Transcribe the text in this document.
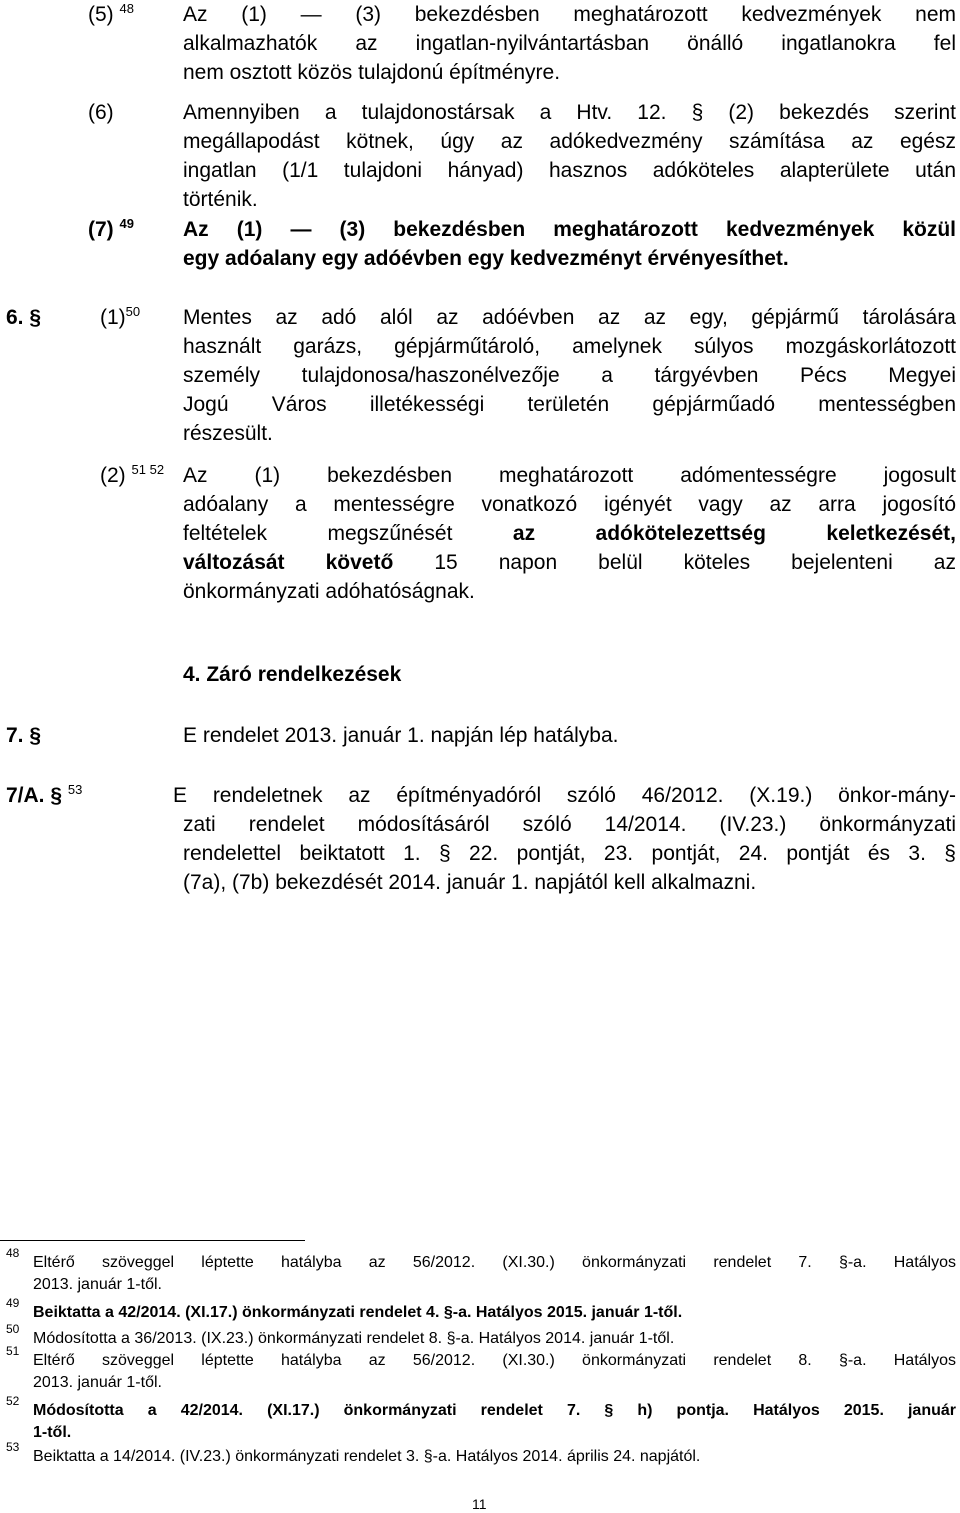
(5) $^{48}$ Az (1) — (3) bekezdésben meghatározott kedvezmények nem
alkalmazhatók az ingatlan-nyilvántartásban önálló ingatlanokra fel
nem osztott közös tulajdonú építményre.
(6)	Amennyiben a tulajdonostársak a Htv. 12. § (2) bekezdés szerint
megállapodást kötnek, úgy az adókedvezmény számítása az egész
ingatlan (1/1 tulajdoni hányad) hasznos adóköteles alapterülete után
történik.
(7) $^{49}$ Az (1) — (3) bekezdésben meghatározott kedvezmények közül
egy adóalany egy adóévben egy kedvezményt érvényesíthet.
6. §	$(1)^{50}$ Mentes az adó alól az adóévben az az egy, gépjármű tárolására
használt garázs, gépjárműtároló, amelynek súlyos mozgáskorlátozott
személy tulajdonosa/haszonélvezője a tárgyévben Pécs Megyei
Jogú Város illetékességi területén gépjárműadó mentességben
részesült.
(2) $^{51 52}$ Az (1) bekezdésben meghatározott adómentességre jogosult
adóalany a mentességre vonatkozó igényét vagy az arra jogosító
feltételek megszűnését	az adókötelezettség keletkezését,
változását követő 15 napon belül köteles bejelenteni az
önkormányzati adóhatóságnak.
4. Záró rendelkezések
7. §	E rendelet 2013. január 1. napján lép hatályba.
7/A. § $^{53}$	E rendeletnek az építményadóról szóló 46/2012. (X.19.) önkor-mány-
zati rendelet módosításáról szóló 14/2014. (IV.23.) önkormányzati
rendelettel beiktatott 1. § 22. pontját, 23. pontját, 24. pontját és 3. §
(7a), (7b) bekezdését 2014. január 1. napjától kell alkalmazni.
48
Eltérő szöveggel léptette hatályba az 56/2012. (XI.30.) önkormányzati rendelet 7. §-a. Hatályos
2013. január 1-től.
49
Beiktatta a 42/2014. (XI.17.) önkormányzati rendelet 4. §-a. Hatályos 2015. január 1-től.
50
Módosította a 36/2013. (IX.23.) önkormányzati rendelet 8. §-a. Hatályos 2014. január 1-től.
51
Eltérő szöveggel léptette hatályba az 56/2012. (XI.30.) önkormányzati rendelet 8. §-a. Hatályos
2013. január 1-től.
52
Módosította a 42/2014. (XI.17.) önkormányzati rendelet 7. § h) pontja. Hatályos 2015. január
1-től.
53
Beiktatta a 14/2014. (IV.23.) önkormányzati rendelet 3. §-a. Hatályos 2014. április 24. napjától.
11
